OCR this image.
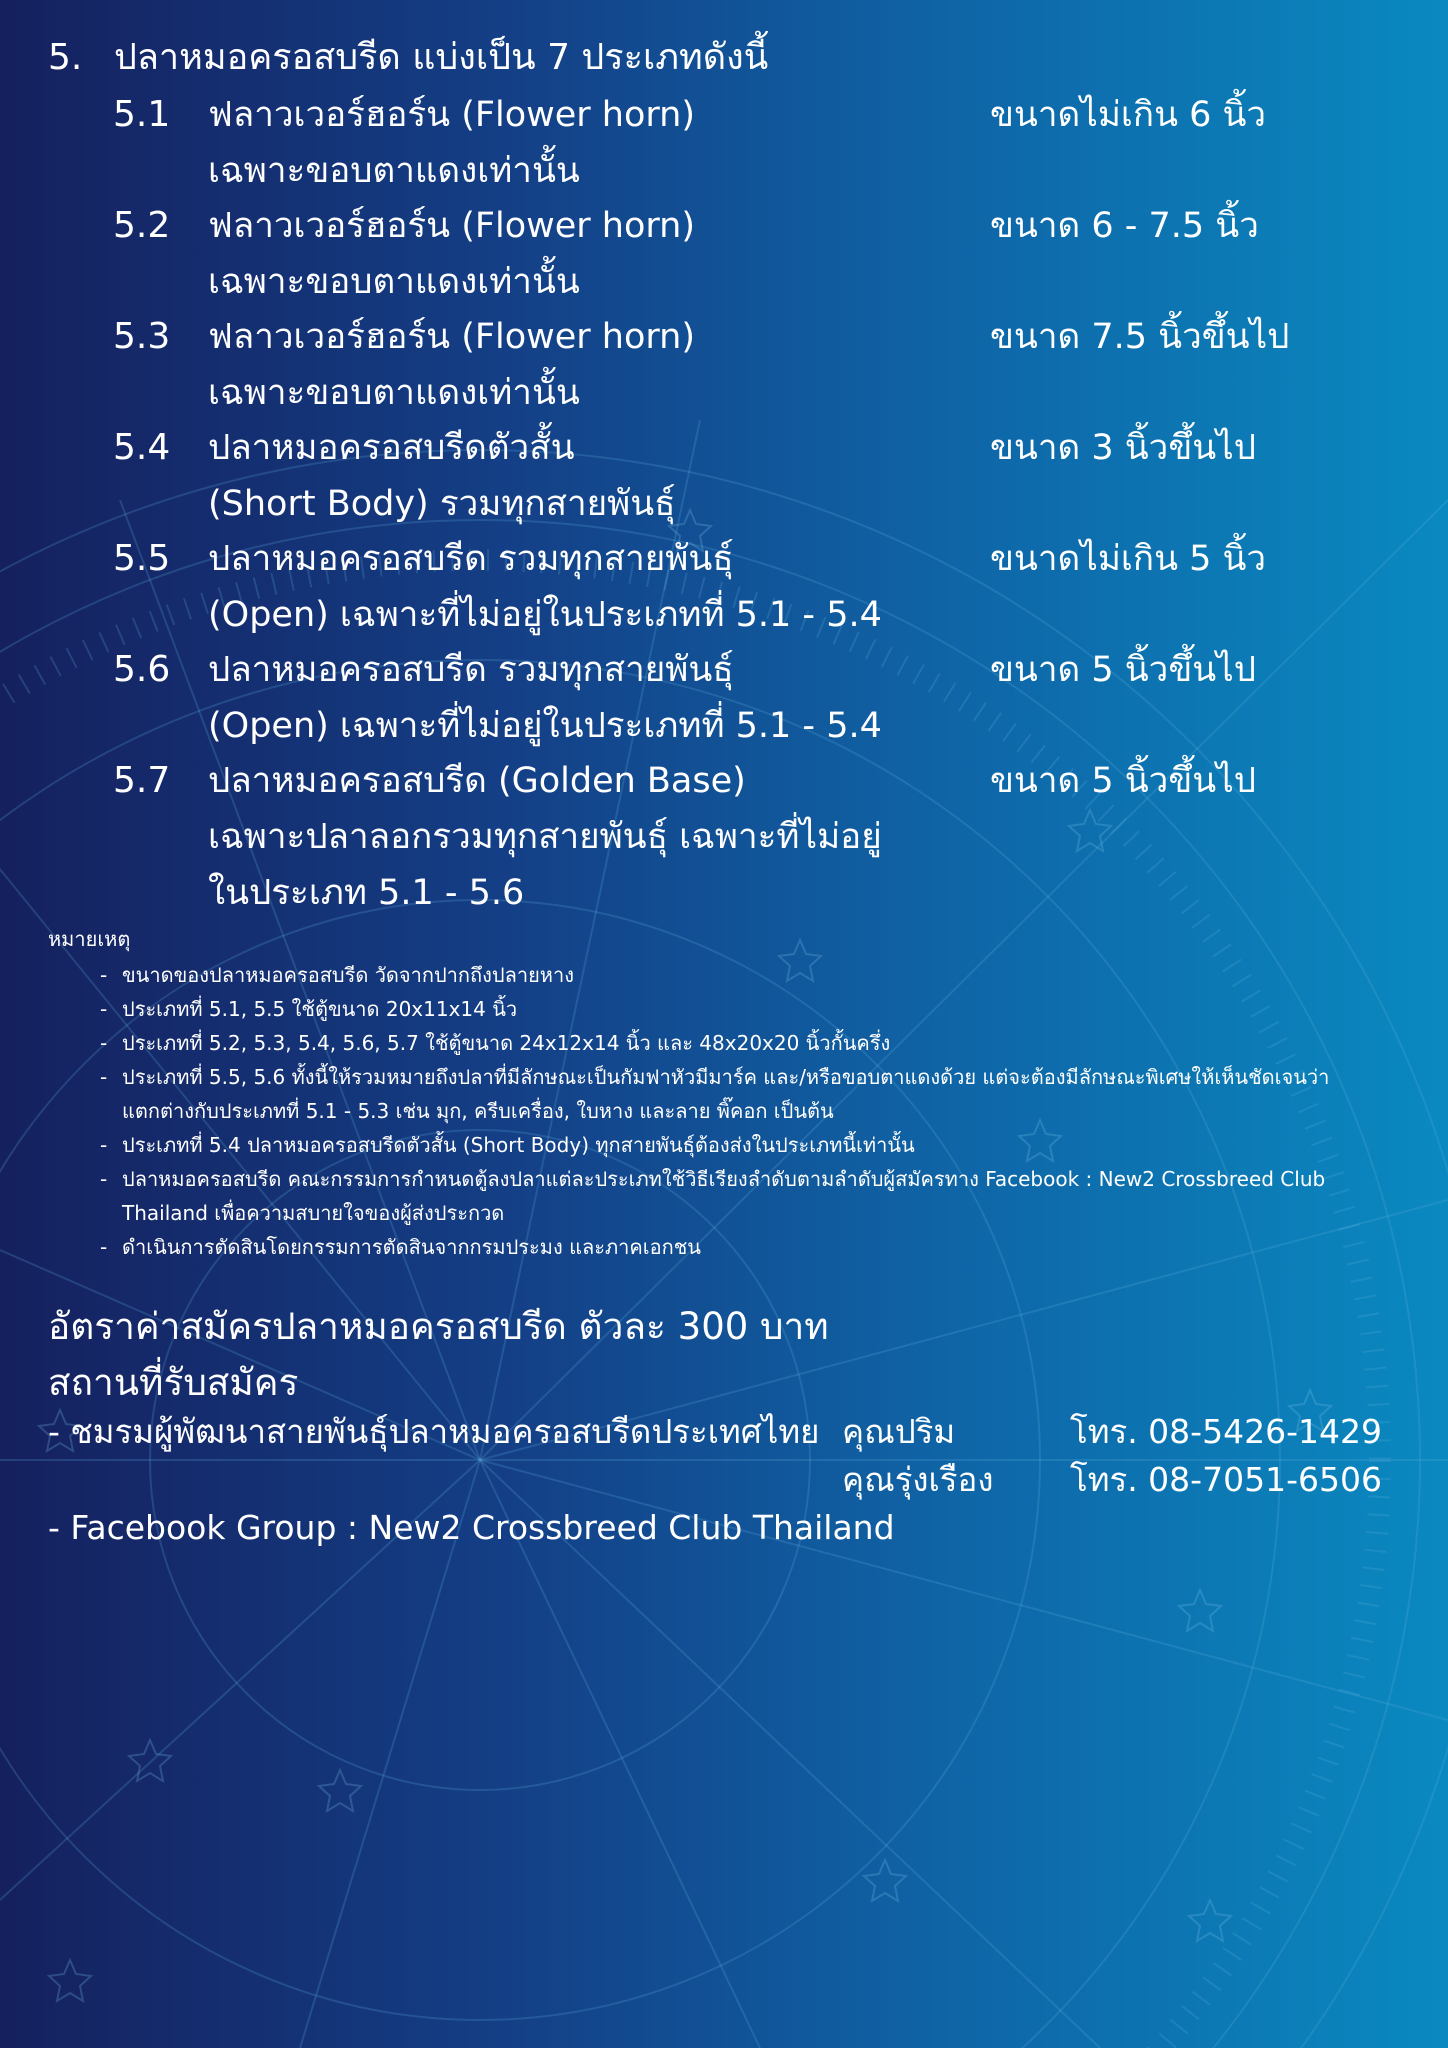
5. ปลาหมอครอสบรีด แบ่งเป็น 7 ประเภทดังนี้
5.1 ฟลาวเวอร์ฮอร์น (Flower horn)
เฉพาะขอบตาแดงเท่านั้น
ขนาดไม่เกิน 6 นิ้ว
5.2 ฟลาวเวอร์ฮอร์น (Flower horn)
เฉพาะขอบตาแดงเท่านั้น
ขนาด 6 - 7.5 นิ้ว
5.3 ฟลาวเวอร์ฮอร์น (Flower horn)
เฉพาะขอบตาแดงเท่านั้น
ขนาด 7.5 นิ้วขึ้นไป
5.4 ปลาหมอครอสบรีดตัวสั้น
(Short Body) รวมทุกสายพันธุ์
ขนาด 3 นิ้วขึ้นไป
5.5 ปลาหมอครอสบรีด รวมทุกสายพันธุ์
(Open) เฉพาะที่ไม่อยู่ในประเภทที่ 5.1 - 5.4
ขนาดไม่เกิน 5 นิ้ว
5.6 ปลาหมอครอสบรีด รวมทุกสายพันธุ์
(Open) เฉพาะที่ไม่อยู่ในประเภทที่ 5.1 - 5.4
ขนาด 5 นิ้วขึ้นไป
5.7 ปลาหมอครอสบรีด (Golden Base)
เฉพาะปลาลอกรวมทุกสายพันธุ์ เฉพาะที่ไม่อยู่
ในประเภท 5.1 - 5.6
ขนาด 5 นิ้วขึ้นไป
หมายเหตุ
- ขนาดของปลาหมอครอสบรีด วัดจากปากถึงปลายหาง
- ประเภทที่ 5.1, 5.5 ใช้ตู้ขนาด 20x11x14 นิ้ว
- ประเภทที่ 5.2, 5.3, 5.4, 5.6, 5.7 ใช้ตู้ขนาด 24x12x14 นิ้ว และ 48x20x20 นิ้วกั้นครึ่ง
- ประเภทที่ 5.5, 5.6 ทั้งนี้ให้รวมหมายถึงปลาที่มีลักษณะเป็นกัมฟาหัวมีมาร์ค และ/หรือขอบตาแดงด้วย แต่จะต้องมีลักษณะพิเศษให้เห็นชัดเจนว่าแตกต่างกับประเภทที่ 5.1 - 5.3 เช่น มุก, ครีบเครื่อง, ใบหาง และลาย พิ๊คอก เป็นต้น
- ประเภทที่ 5.4 ปลาหมอครอสบรีดตัวสั้น (Short Body) ทุกสายพันธุ์ต้องส่งในประเภทนี้เท่านั้น
- ปลาหมอครอสบรีด คณะกรรมการกำหนดตู้ลงปลาแต่ละประเภทใช้วิธีเรียงลำดับตามลำดับผู้สมัครทาง Facebook : New2 Crossbreed Club Thailand เพื่อความสบายใจของผู้ส่งประกวด
- ดำเนินการตัดสินโดยกรรมการตัดสินจากกรมประมง และภาคเอกชน
อัตราค่าสมัครปลาหมอครอสบรีด ตัวละ 300 บาท
สถานที่รับสมัคร
- ชมรมผู้พัฒนาสายพันธุ์ปลาหมอครอสบรีดประเทศไทย คุณปริม	โทร. 08-5426-1429
คุณรุ่งเรือง โทร. 08-7051-6506
- Facebook Group : New2 Crossbreed Club Thailand
